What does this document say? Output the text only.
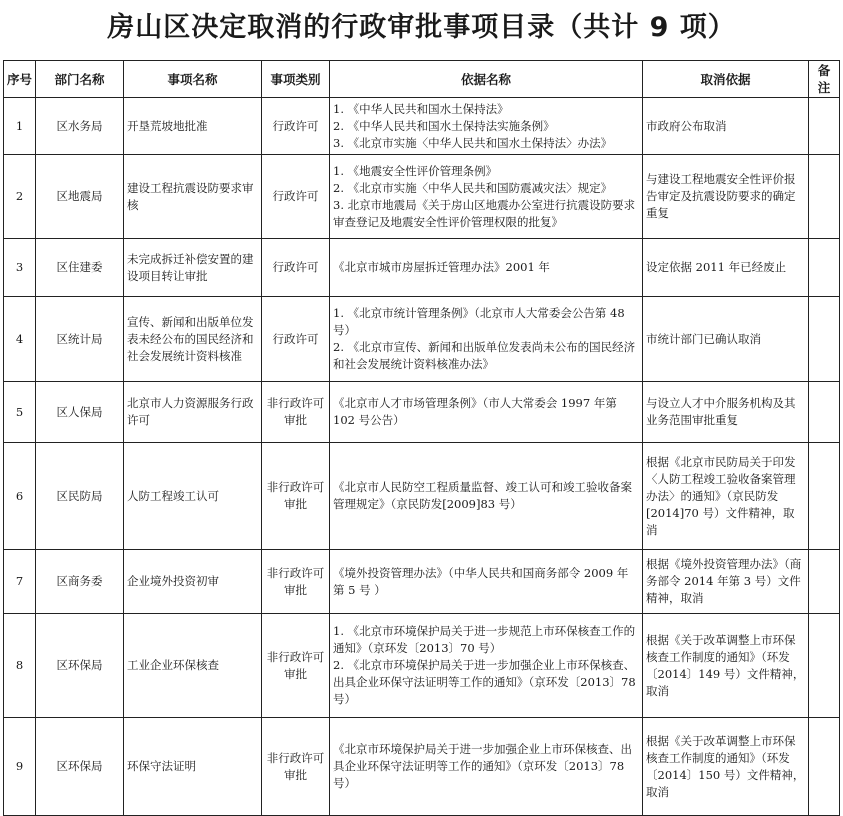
房山区决定取消的行政审批事项目录（共计 9 项）
序号	部门名称	事项名称	事项类别	依据名称	取消依据	备注
1	区水务局	开垦荒坡地批准	行政许可	1. 《中华人民共和国水土保持法》
2. 《中华人民共和国水土保持法实施条例》
3. 《北京市实施〈中华人民共和国水土保持法〉办法》	市政府公布取消	
2	区地震局	建设工程抗震设防要求审核	行政许可	1. 《地震安全性评价管理条例》
2. 《北京市实施〈中华人民共和国防震减灾法〉规定》
3. 北京市地震局《关于房山区地震办公室进行抗震设防要求审查登记及地震安全性评价管理权限的批复》	与建设工程地震安全性评价报告审定及抗震设防要求的确定重复	
3	区住建委	未完成拆迁补偿安置的建设项目转让审批	行政许可	《北京市城市房屋拆迁管理办法》2001 年	设定依据 2011 年已经废止	
4	区统计局	宣传、新闻和出版单位发表未经公布的国民经济和社会发展统计资料核准	行政许可	1. 《北京市统计管理条例》（北京市人大常委会公告第 48 号）
2. 《北京市宣传、新闻和出版单位发表尚未公布的国民经济和社会发展统计资料核准办法》	市统计部门已确认取消	
5	区人保局	北京市人力资源服务行政许可	非行政许可审批	《北京市人才市场管理条例》（市人大常委会 1997 年第 102 号公告）	与设立人才中介服务机构及其业务范围审批重复	
6	区民防局	人防工程竣工认可	非行政许可审批	《北京市人民防空工程质量监督、竣工认可和竣工验收备案管理规定》（京民防发[2009]83 号）	根据《北京市民防局关于印发〈人防工程竣工验收备案管理办法〉的通知》（京民防发[2014]70 号）文件精神，取消	
7	区商务委	企业境外投资初审	非行政许可审批	《境外投资管理办法》（中华人民共和国商务部令 2009 年第 5 号 ）	根据《境外投资管理办法》（商务部令 2014 年第 3 号）文件精神，取消	
8	区环保局	工业企业环保核查	非行政许可审批	1. 《北京市环境保护局关于进一步规范上市环保核查工作的通知》（京环发〔2013〕70 号）
2. 《北京市环境保护局关于进一步加强企业上市环保核查、出具企业环保守法证明等工作的通知》（京环发〔2013〕78 号）	根据《关于改革调整上市环保核查工作制度的通知》（环发〔2014〕149 号）文件精神，取消	
9	区环保局	环保守法证明	非行政许可审批	《北京市环境保护局关于进一步加强企业上市环保核查、出具企业环保守法证明等工作的通知》（京环发〔2013〕78 号）	根据《关于改革调整上市环保核查工作制度的通知》（环发〔2014〕150 号）文件精神，取消	
